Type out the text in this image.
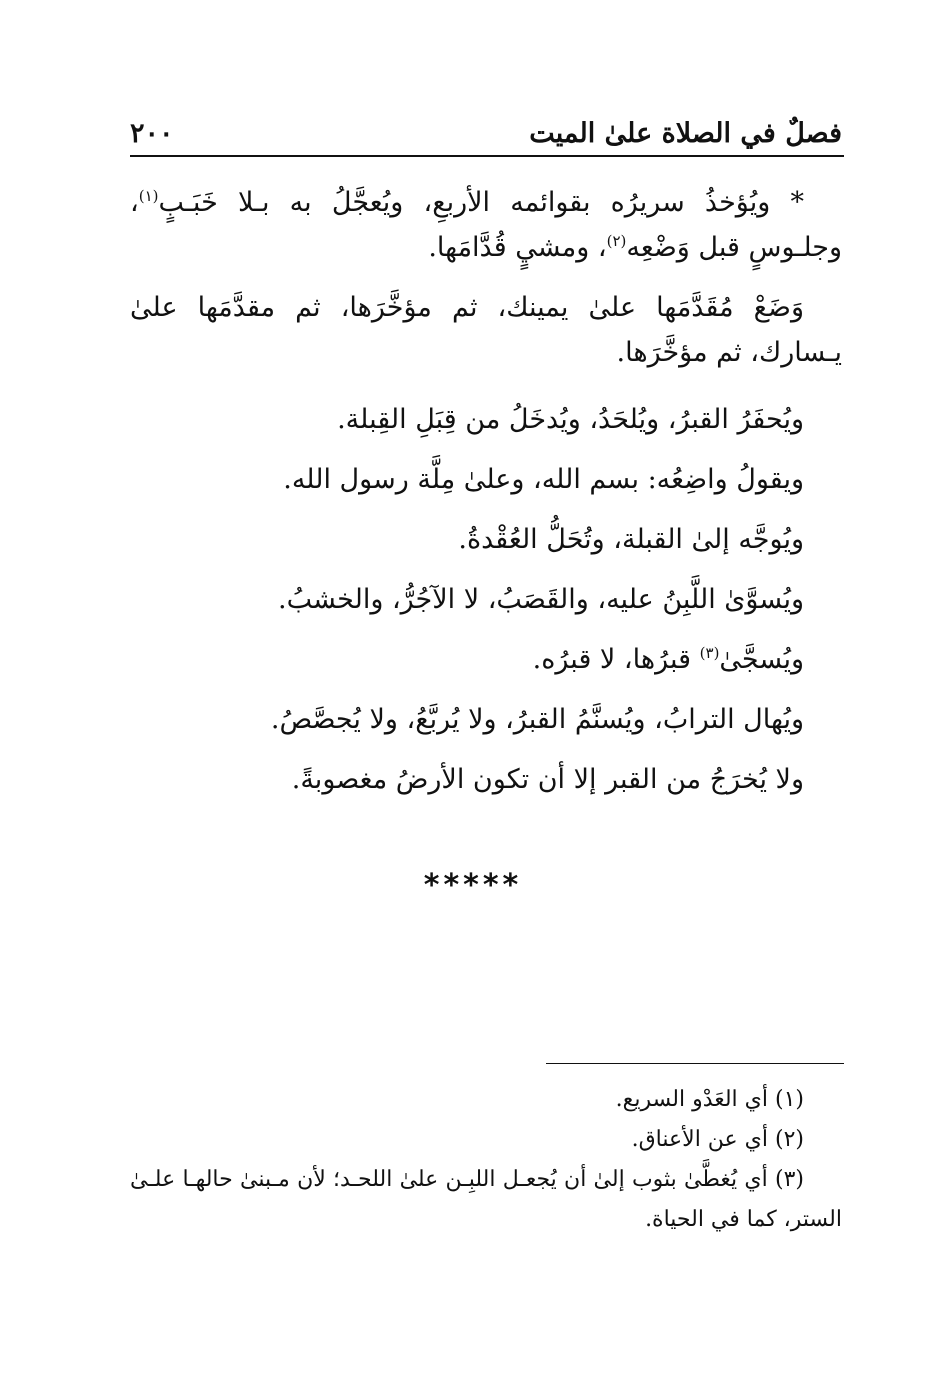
فصلٌ في الصلاة علىٰ الميت
٢٠٠

* ويُؤخذُ سريرُه بقوائمه الأربعِ، ويُعجَّلُ به بـلا خَبَـبٍ$^{(١)}$، وجلـوسٍ قبل وَضْعِه$^{(٢)}$، ومشيٍ قُدَّامَها.

وَضَعْ مُقَدَّمَها علىٰ يمينك، ثم مؤخَّرَها، ثم مقدَّمَها علىٰ يـسارك، ثم مؤخَّرَها.

ويُحفَرُ القبرُ، ويُلحَدُ، ويُدخَلُ من قِبَلِ القِبلة.

ويقولُ واضِعُه: بسم الله، وعلىٰ مِلَّة رسول الله.

ويُوجَّه إلىٰ القبلة، وتُحَلُّ العُقْدةُ.

ويُسوَّىٰ اللَّبِنُ عليه، والقَصَبُ، لا الآجُرُّ، والخشبُ.

ويُسجَّىٰ$^{(٣)}$ قبرُها، لا قبرُه.

ويُهال الترابُ، ويُسنَّمُ القبرُ، ولا يُربَّعُ، ولا يُجصَّصُ.

ولا يُخرَجُ من القبر إلا أن تكون الأرضُ مغصوبةً.

*****

(١) أي العَدْو السريع.

(٢) أي عن الأعناق.

(٣) أي يُغطَّىٰ بثوب إلىٰ أن يُجعـل اللبِـن علىٰ اللحـد؛ لأن مـبنىٰ حالهـا علـىٰ الستر، كما في الحياة.
